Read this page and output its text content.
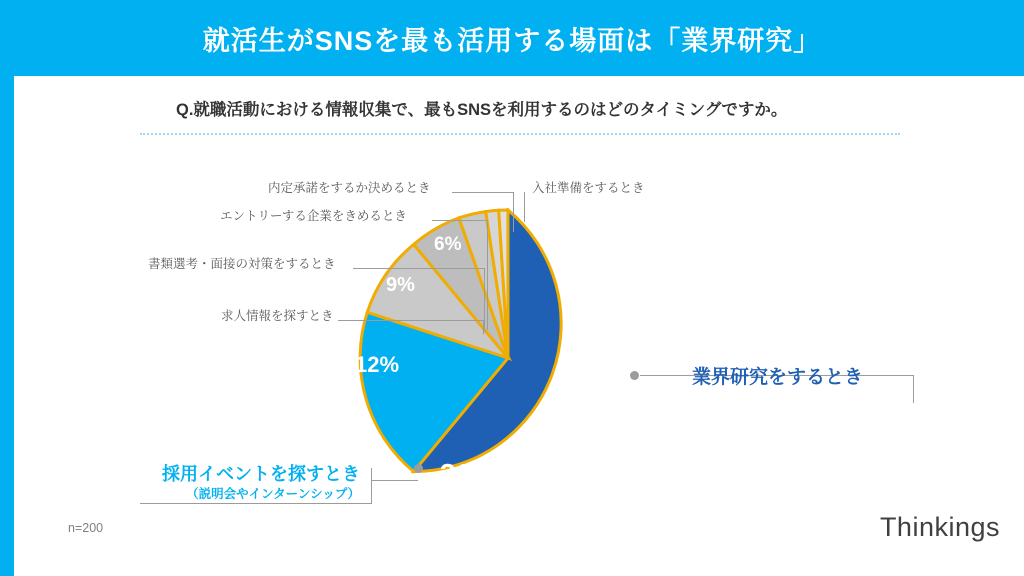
就活生がSNSを最も活用する場面は「業界研究」
Q.就職活動における情報収集で、最もSNSを利用するのはどのタイミングですか。
39%
31%
12%
9%
6%
内定承諾をするか決めるとき
エントリーする企業をきめるとき
書類選考・面接の対策をするとき
求人情報を探すとき
入社準備をするとき
業界研究をするとき
採用イベントを探すとき
（説明会やインターンシップ）
n=200	Thinkings
